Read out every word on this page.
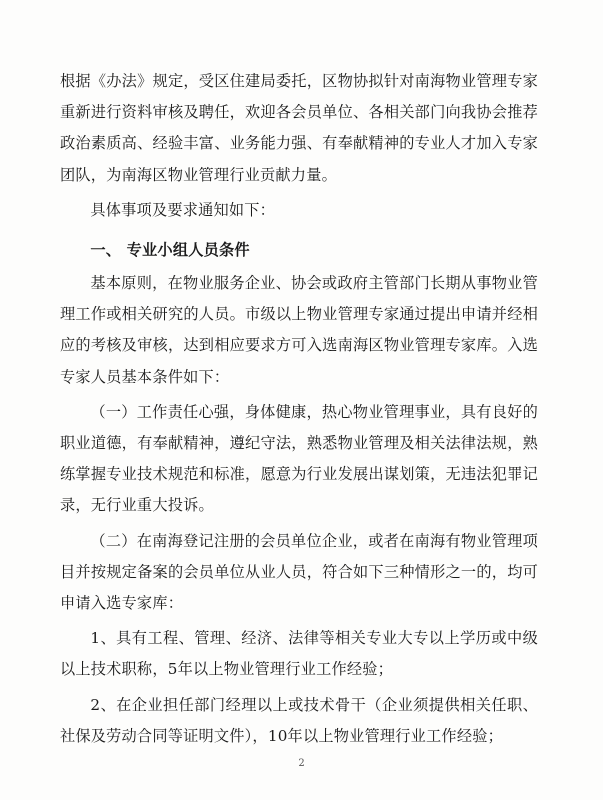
根据《办法》规定，受区住建局委托，区物协拟针对南海物业管理专家重新进行资料审核及聘任，欢迎各会员单位、各相关部门向我协会推荐政治素质高、经验丰富、业务能力强、有奉献精神的专业人才加入专家团队，为南海区物业管理行业贡献力量。

具体事项及要求通知如下：

一、 专业小组人员条件

基本原则，在物业服务企业、协会或政府主管部门长期从事物业管理工作或相关研究的人员。市级以上物业管理专家通过提出申请并经相应的考核及审核，达到相应要求方可入选南海区物业管理专家库。入选专家人员基本条件如下：

（一）工作责任心强，身体健康，热心物业管理事业，具有良好的职业道德，有奉献精神，遵纪守法，熟悉物业管理及相关法律法规，熟练掌握专业技术规范和标准，愿意为行业发展出谋划策，无违法犯罪记录，无行业重大投诉。

（二）在南海登记注册的会员单位企业，或者在南海有物业管理项目并按规定备案的会员单位从业人员，符合如下三种情形之一的，均可申请入选专家库：

1、具有工程、管理、经济、法律等相关专业大专以上学历或中级以上技术职称，5年以上物业管理行业工作经验；

2、在企业担任部门经理以上或技术骨干（企业须提供相关任职、社保及劳动合同等证明文件），10年以上物业管理行业工作经验；

2
